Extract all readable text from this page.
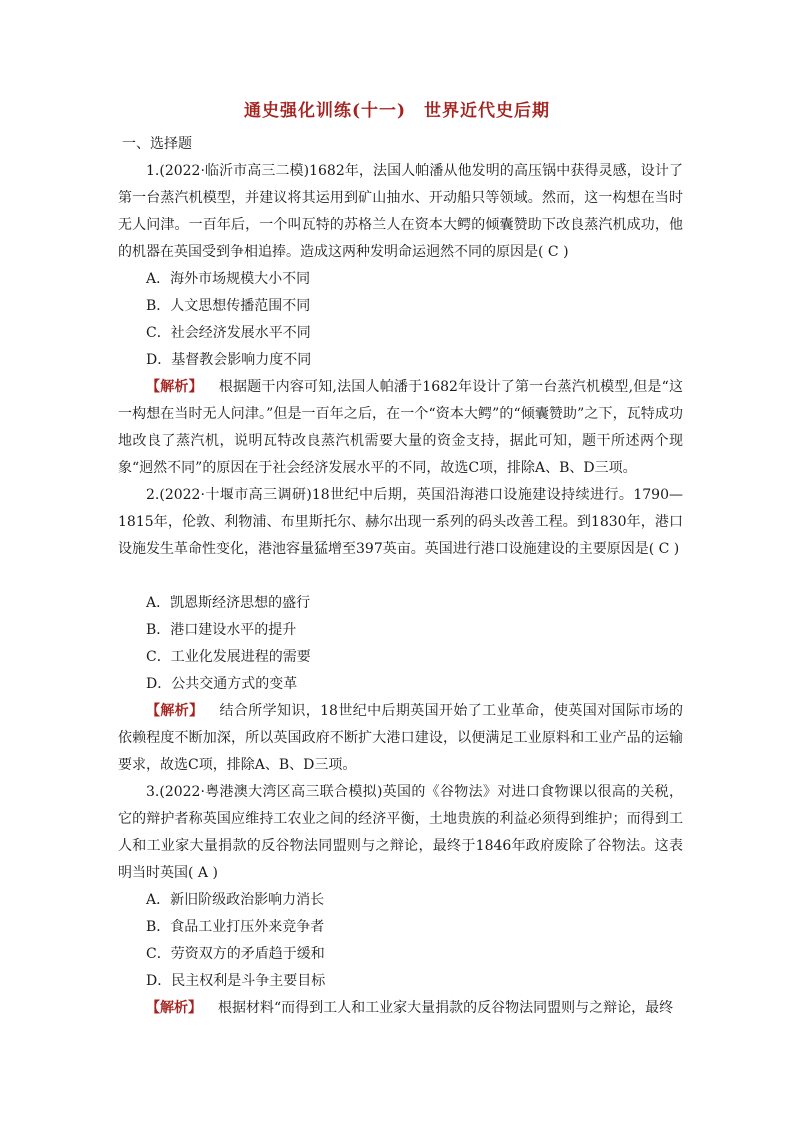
通史强化训练(十一)　世界近代史后期
一、选择题
1.(2022·临沂市高三二模)1682年，法国人帕潘从他发明的高压锅中获得灵感，设计了第一台蒸汽机模型，并建议将其运用到矿山抽水、开动船只等领域。然而，这一构想在当时无人问津。一百年后，一个叫瓦特的苏格兰人在资本大鳄的倾囊赞助下改良蒸汽机成功，他的机器在英国受到争相追捧。造成这两种发明命运迥然不同的原因是( C )
A．海外市场规模大小不同
B．人文思想传播范围不同
C．社会经济发展水平不同
D．基督教会影响力度不同
【解析】 根据题干内容可知,法国人帕潘于1682年设计了第一台蒸汽机模型,但是“这一构想在当时无人问津。”但是一百年之后，在一个“资本大鳄”的“倾囊赞助”之下，瓦特成功地改良了蒸汽机，说明瓦特改良蒸汽机需要大量的资金支持，据此可知，题干所述两个现象“迥然不同”的原因在于社会经济发展水平的不同，故选C项，排除A、B、D三项。
2.(2022·十堰市高三调研)18世纪中后期，英国沿海港口设施建设持续进行。1790—1815年，伦敦、利物浦、布里斯托尔、赫尔出现一系列的码头改善工程。到1830年，港口设施发生革命性变化，港池容量猛增至397英亩。英国进行港口设施建设的主要原因是( C )
A．凯恩斯经济思想的盛行
B．港口建设水平的提升
C．工业化发展进程的需要
D．公共交通方式的变革
【解析】 结合所学知识，18世纪中后期英国开始了工业革命，使英国对国际市场的依赖程度不断加深，所以英国政府不断扩大港口建设，以便满足工业原料和工业产品的运输要求，故选C项，排除A、B、D三项。
3.(2022·粤港澳大湾区高三联合模拟)英国的《谷物法》对进口食物课以很高的关税，它的辩护者称英国应维持工农业之间的经济平衡，土地贵族的利益必须得到维护；而得到工人和工业家大量捐款的反谷物法同盟则与之辩论，最终于1846年政府废除了谷物法。这表明当时英国( A )
A．新旧阶级政治影响力消长
B．食品工业打压外来竞争者
C．劳资双方的矛盾趋于缓和
D．民主权利是斗争主要目标
【解析】 根据材料“而得到工人和工业家大量捐款的反谷物法同盟则与之辩论，最终
